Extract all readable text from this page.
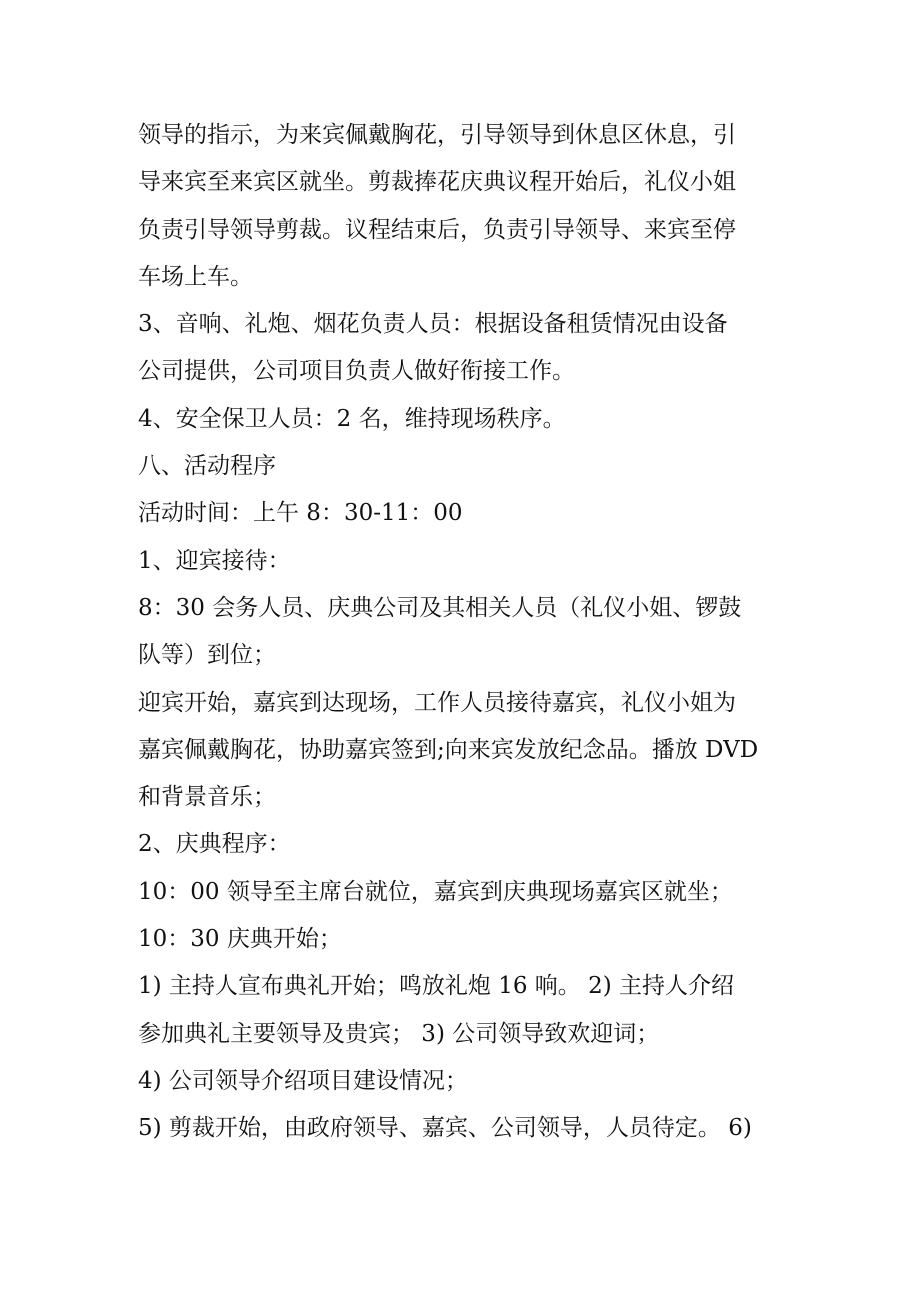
领导的指示，为来宾佩戴胸花，引导领导到休息区休息，引
导来宾至来宾区就坐。剪裁捧花庆典议程开始后，礼仪小姐
负责引导领导剪裁。议程结束后，负责引导领导、来宾至停
车场上车。
3、音响、礼炮、烟花负责人员：根据设备租赁情况由设备
公司提供，公司项目负责人做好衔接工作。
4、安全保卫人员：2 名，维持现场秩序。
八、活动程序
活动时间：上午 8：30-11：00
1、迎宾接待：
8：30 会务人员、庆典公司及其相关人员（礼仪小姐、锣鼓
队等）到位；
迎宾开始，嘉宾到达现场，工作人员接待嘉宾，礼仪小姐为
嘉宾佩戴胸花，协助嘉宾签到;向来宾发放纪念品。播放 DVD
和背景音乐；
2、庆典程序：
10：00 领导至主席台就位，嘉宾到庆典现场嘉宾区就坐；
10：30 庆典开始；
1) 主持人宣布典礼开始；鸣放礼炮 16 响。 2) 主持人介绍
参加典礼主要领导及贵宾； 3) 公司领导致欢迎词；
4) 公司领导介绍项目建设情况；
5) 剪裁开始，由政府领导、嘉宾、公司领导，人员待定。 6)
